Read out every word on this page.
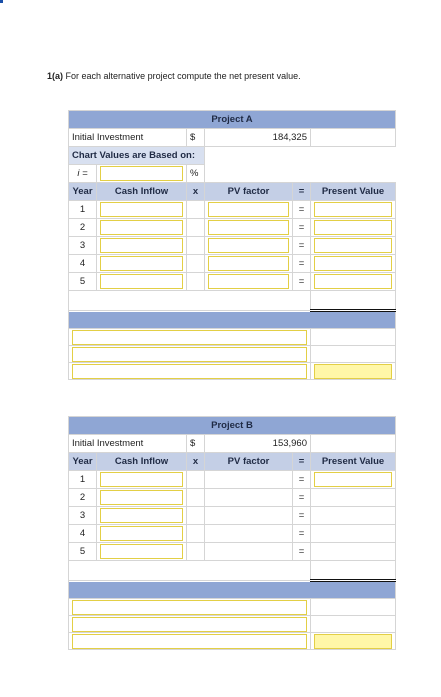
1(a) For each alternative project compute the net present value.
Project A					
Initial Investment		$	184,325		
Chart Values are Based on:					
i =		%			
Year	Cash Inflow	x	PV factor	=	Present Value
1				=	

2				=	

3				=	

4				=	

5				=	

Project B					
Initial Investment		$	153,960		
Year	Cash Inflow	x	PV factor	=	Present Value
1				=	

2				=	

3				=	

4				=	

5				=	
